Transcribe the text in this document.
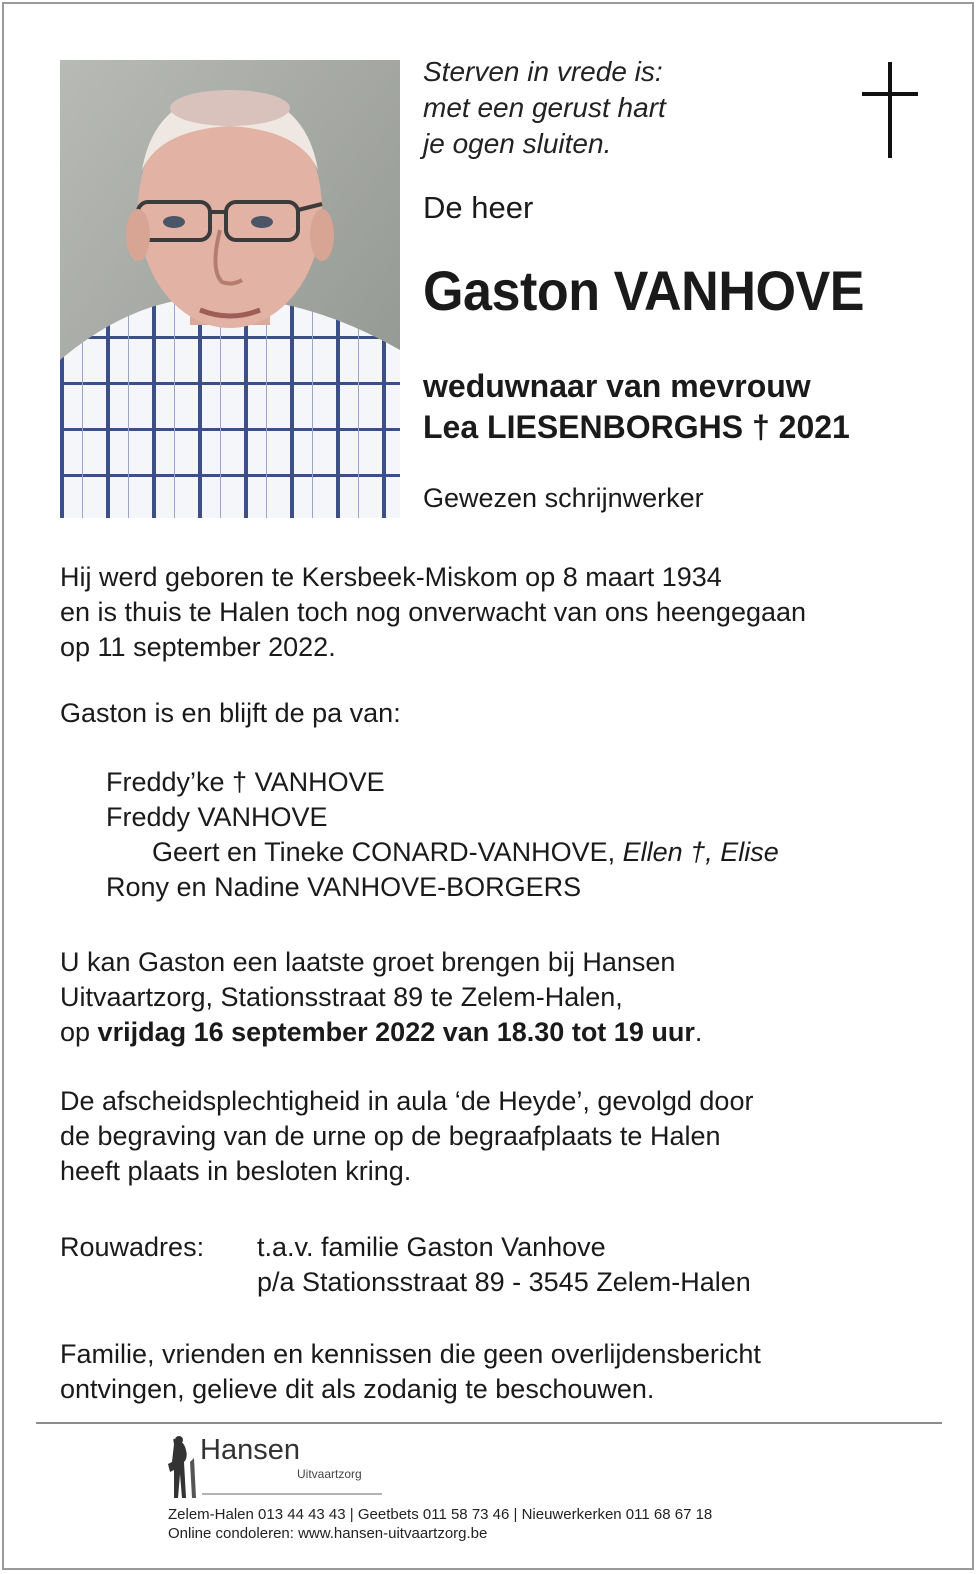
Sterven in vrede is:
met een gerust hart
je ogen sluiten.
De heer
Gaston VANHOVE
weduwnaar van mevrouw
Lea LIESENBORGHS † 2021
Gewezen schrijnwerker
Hij werd geboren te Kersbeek-Miskom op 8 maart 1934
en is thuis te Halen toch nog onverwacht van ons heengegaan
op 11 september 2022.
Gaston is en blijft de pa van:
Freddy’ke † VANHOVE
Freddy VANHOVE
Geert en Tineke CONARD-VANHOVE, Ellen †, Elise
Rony en Nadine VANHOVE-BORGERS
U kan Gaston een laatste groet brengen bij Hansen
Uitvaartzorg, Stationsstraat 89 te Zelem-Halen,
op vrijdag 16 september 2022 van 18.30 tot 19 uur.
De afscheidsplechtigheid in aula ‘de Heyde’, gevolgd door
de begraving van de urne op de begraafplaats te Halen
heeft plaats in besloten kring.
Rouwadres:	t.a.v. familie Gaston Vanhove
p/a Stationsstraat 89 - 3545 Zelem-Halen
Familie, vrienden en kennissen die geen overlijdensbericht
ontvingen, gelieve dit als zodanig te beschouwen.
Hansen
Uitvaartzorg
Zelem-Halen 013 44 43 43 | Geetbets 011 58 73 46 | Nieuwerkerken 011 68 67 18
Online condoleren: www.hansen-uitvaartzorg.be
